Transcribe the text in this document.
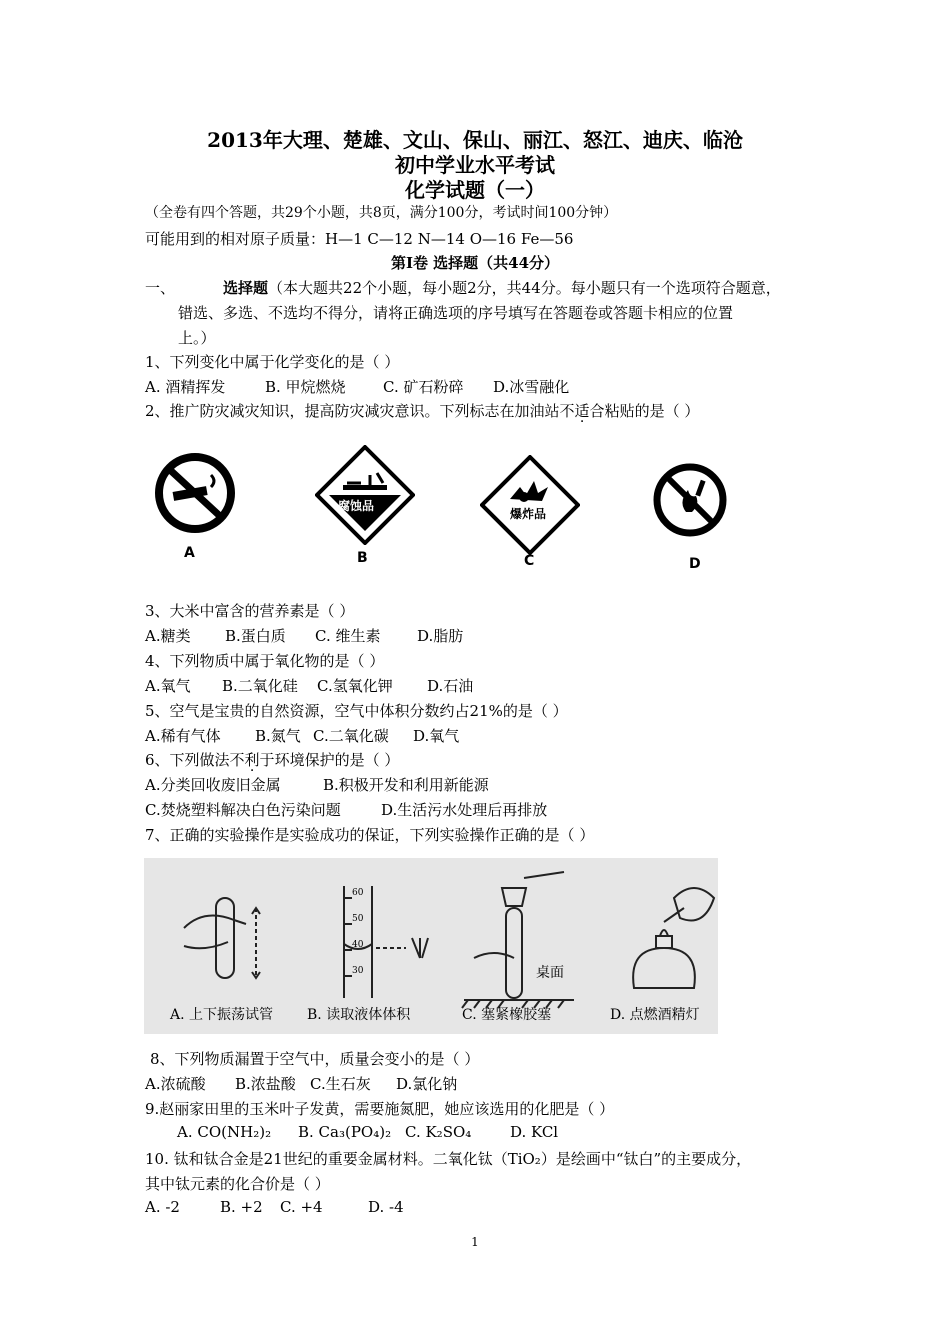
2013年大理、楚雄、文山、保山、丽江、怒江、迪庆、临沧
初中学业水平考试
化学试题（一）
（全卷有四个答题，共29个小题，共8页，满分100分，考试时间100分钟）
可能用到的相对原子质量：H—1 C—12 N—14 O—16 Fe—56
第Ⅰ卷 选择题（共44分）
一、	选择题（本大题共22个小题，每小题2分，共44分。每小题只有一个选项符合题意，
错选、多选、不选均不得分，请将正确选项的序号填写在答题卷或答题卡相应的位置
上。）
1、下列变化中属于化学变化的是（ ）
A. 酒精挥发	B. 甲烷燃烧 C. 矿石粉碎 D.冰雪融化
2、推广防灾减灾知识，提高防灾减灾意识。下列标志在加油站不适合粘贴的是（ ）
A
腐蚀品
B
爆炸品
C	D
3、大米中富含的营养素是（ ）
A.糖类 B.蛋白质 C. 维生素 D.脂肪
4、下列物质中属于氧化物的是（ ）
A.氧气 B.二氧化硅 C.氢氧化钾 D.石油
5、空气是宝贵的自然资源，空气中体积分数约占21%的是（ ）
A.稀有气体 B.氮气 C.二氧化碳 D.氧气
6、下列做法不利于环境保护的是（ ）
A.分类回收废旧金属	B.积极开发和利用新能源
C.焚烧塑料解决白色污染问题	D.生活污水处理后再排放
7、正确的实验操作是实验成功的保证，下列实验操作正确的是（ ）
60
50
40
30	桌面
A. 上下振荡试管 B. 读取液体体积	C. 塞紧橡胶塞	D. 点燃酒精灯
8、下列物质漏置于空气中，质量会变小的是（ ）
A.浓硫酸 B.浓盐酸 C.生石灰 D.氯化钠
9.赵丽家田里的玉米叶子发黄，需要施氮肥，她应该选用的化肥是（ ）
A. CO(NH₂)₂ B. Ca₃(PO₄)₂ C. K₂SO₄	D. KCl
10. 钛和钛合金是21世纪的重要金属材料。二氧化钛（TiO₂）是绘画中“钛白”的主要成分，
其中钛元素的化合价是（ ）
A. -2	B. +2 C. +4	D. -4
1
